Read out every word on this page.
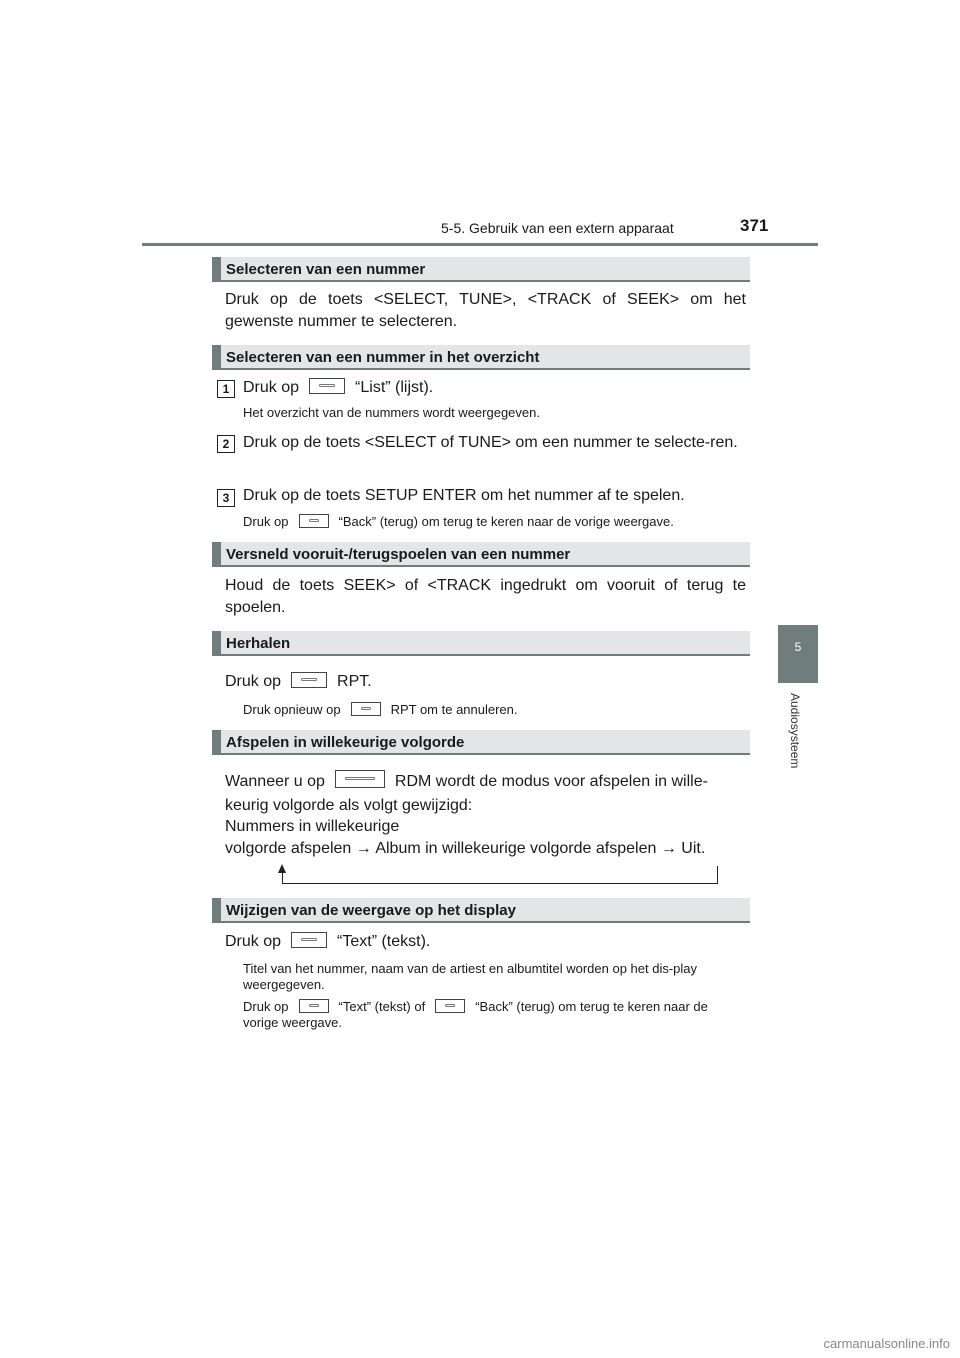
5-5. Gebruik van een extern apparaat	371
5
Audiosysteem
Selecteren van een nummer
Druk op de toets <SELECT, TUNE>, <TRACK of SEEK> om het gewenste nummer te selecteren.
Selecteren van een nummer in het overzicht
1 Druk op	“List” (lijst).
Het overzicht van de nummers wordt weergegeven.
2 Druk op de toets <SELECT of TUNE> om een nummer te selecte-ren.
3 Druk op de toets SETUP ENTER om het nummer af te spelen.
Druk op	“Back” (terug) om terug te keren naar de vorige weergave.
Versneld vooruit-/terugspoelen van een nummer
Houd de toets SEEK> of <TRACK ingedrukt om vooruit of terug te spoelen.
Herhalen
Druk op	RPT.
Druk opnieuw op	RPT om te annuleren.
Afspelen in willekeurige volgorde
Wanneer u op	RDM wordt de modus voor afspelen in wille-
keurig volgorde als volgt gewijzigd:
Nummers in willekeurige
volgorde afspelen → Album in willekeurige volgorde afspelen → Uit.
Wijzigen van de weergave op het display
Druk op	“Text” (tekst).
Titel van het nummer, naam van de artiest en albumtitel worden op het dis-play weergegeven.
Druk op	“Text” (tekst) of	“Back” (terug) om terug te keren naar de vorige weergave.
carmanualsonline.info
